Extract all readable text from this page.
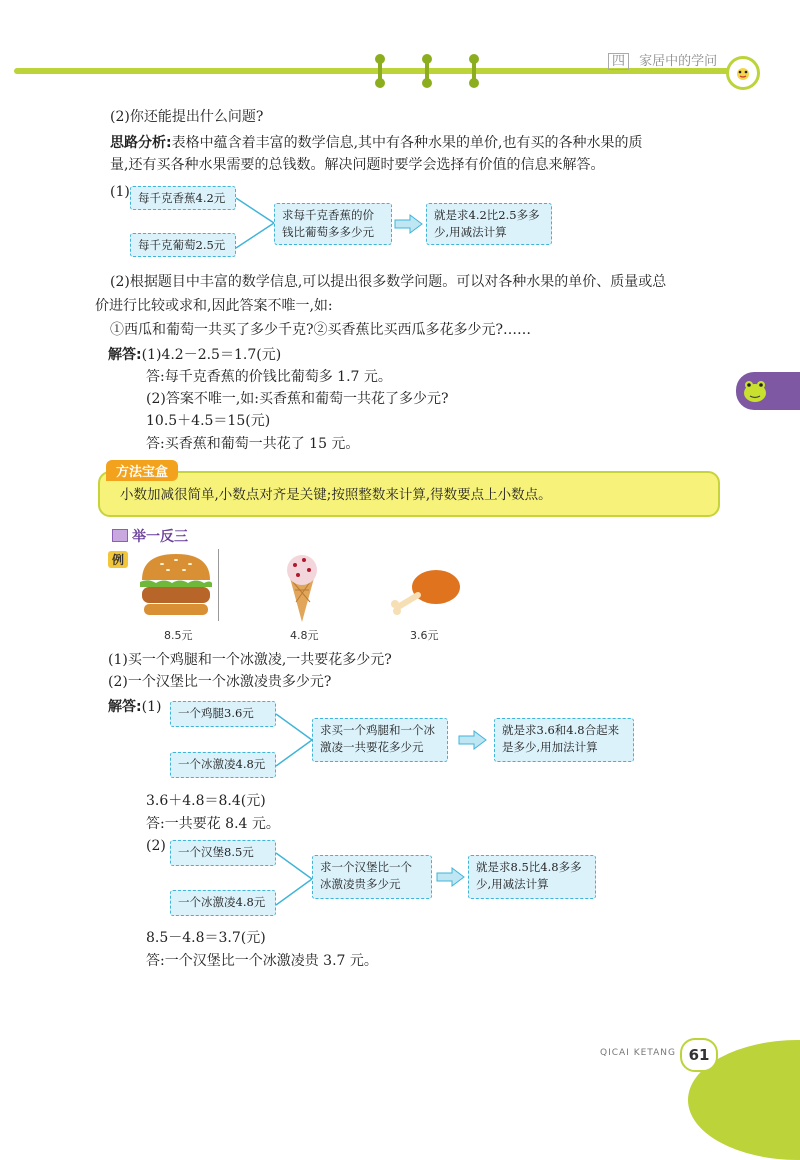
四 家居中的学问
(2)你还能提出什么问题?
思路分析:表格中蕴含着丰富的数学信息,其中有各种水果的单价,也有买的各种水果的质
量,还有买各种水果需要的总钱数。解决问题时要学会选择有价值的信息来解答。
(1) 每千克香蕉4.2元
每千克葡萄2.5元
求每千克香蕉的价
钱比葡萄多多少元
就是求4.2比2.5多多
少,用减法计算
(2)根据题目中丰富的数学信息,可以提出很多数学问题。可以对各种水果的单价、质量或总
价进行比较或求和,因此答案不唯一,如:
①西瓜和葡萄一共买了多少千克?②买香蕉比买西瓜多花多少元?……
解答:(1)4.2－2.5＝1.7(元)
答:每千克香蕉的价钱比葡萄多 1.7 元。
(2)答案不唯一,如:买香蕉和葡萄一共花了多少元?
10.5＋4.5＝15(元)
答:买香蕉和葡萄一共花了 15 元。
小数加减很简单,小数点对齐是关键;按照整数来计算,得数要点上小数点。
方法宝盒
举一反三
例
8.5元	4.8元	3.6元
(1)买一个鸡腿和一个冰激凌,一共要花多少元?
(2)一个汉堡比一个冰激凌贵多少元?
解答:(1)	一个鸡腿3.6元
一个冰激凌4.8元
求买一个鸡腿和一个冰
激凌一共要花多少元
就是求3.6和4.8合起来
是多少,用加法计算
3.6＋4.8＝8.4(元)
答:一共要花 8.4 元。
(2)	一个汉堡8.5元
一个冰激凌4.8元
求一个汉堡比一个
冰激凌贵多少元
就是求8.5比4.8多多
少,用减法计算
8.5－4.8＝3.7(元)
答:一个汉堡比一个冰激凌贵 3.7 元。
QICAI KETANG 61
